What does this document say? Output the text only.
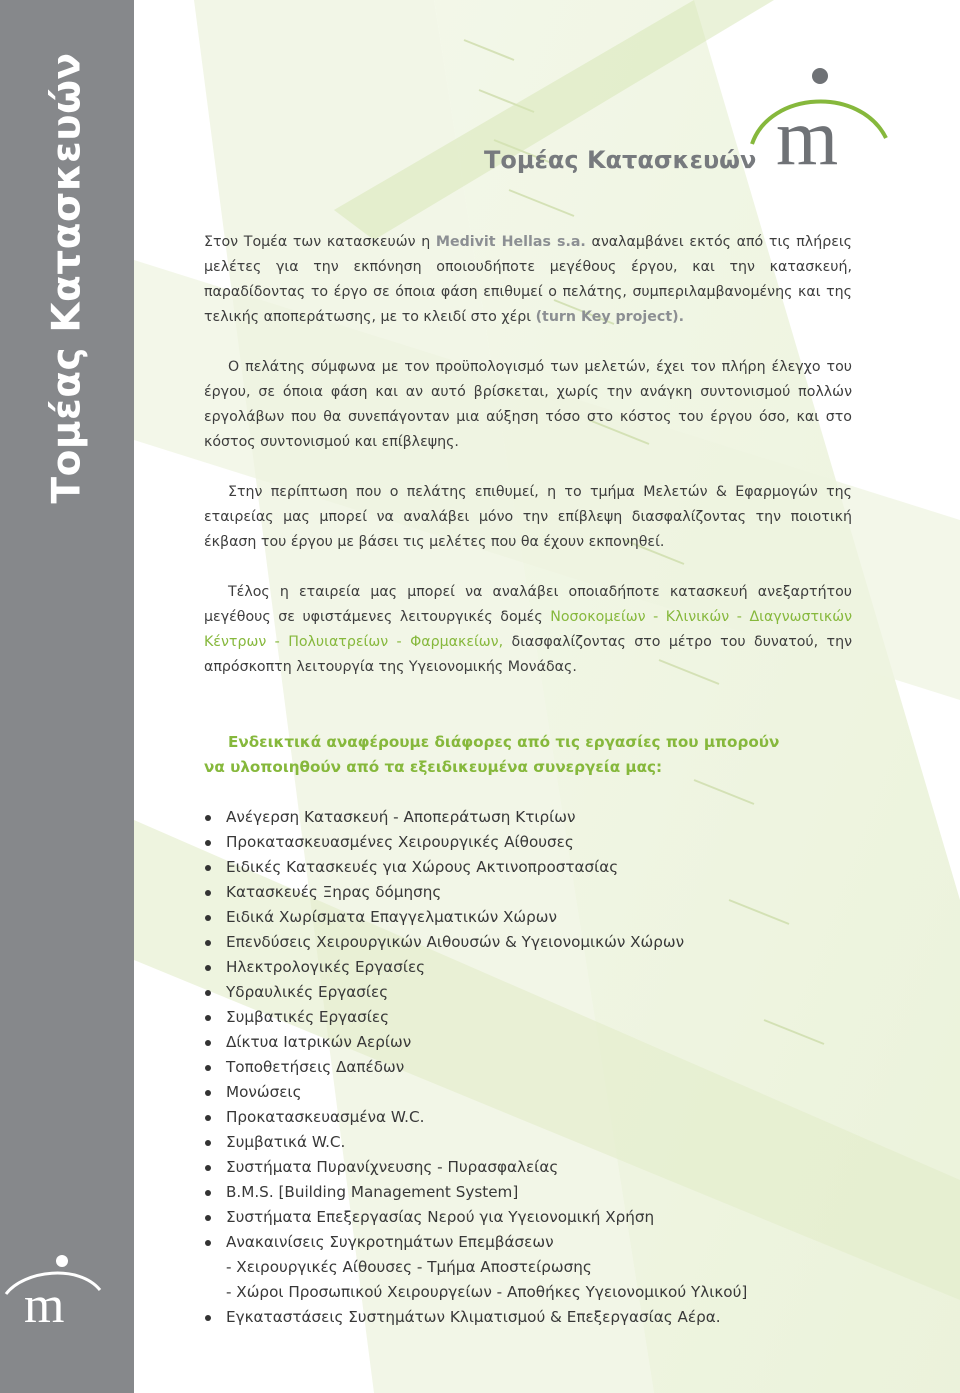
Τομέας Κατασκευών
m
m
Τομέας Κατασκευών

Στον Τομέα των κατασκευών η Medivit Hellas s.a. αναλαμβάνει εκτός από τις πλήρεις μελέτες για την εκπόνηση οποιουδήποτε μεγέθους έργου, και την κατασκευή, παραδίδοντας το έργο σε όποια φάση επιθυμεί ο πελάτης, συμπεριλαμβανομένης και της τελικής αποπεράτωσης, με το κλειδί στο χέρι (turn Key project).

Ο πελάτης σύμφωνα με τον προϋπολογισμό των μελετών, έχει τον πλήρη έλεγχο του έργου, σε όποια φάση και αν αυτό βρίσκεται, χωρίς την ανάγκη συντονισμού πολλών εργολάβων που θα συνεπάγονταν μια αύξηση τόσο στο κόστος του έργου όσο, και στο κόστος συντονισμού και επίβλεψης.

Στην περίπτωση που ο πελάτης επιθυμεί, η το τμήμα Μελετών & Εφαρμογών της εταιρείας μας μπορεί να αναλάβει μόνο την επίβλεψη διασφαλίζοντας την ποιοτική έκβαση του έργου με βάσει τις μελέτες που θα έχουν εκπονηθεί.

Τέλος η εταιρεία μας μπορεί να αναλάβει οποιαδήποτε κατασκευή ανεξαρτήτου μεγέθους σε υφιστάμενες λειτουργικές δομές Νοσοκομείων - Κλινικών - Διαγνωστικών Κέντρων - Πολυιατρείων - Φαρμακείων, διασφαλίζοντας στο μέτρο του δυνατού, την απρόσκοπτη λειτουργία της Υγειονομικής Μονάδας.

Ενδεικτικά αναφέρουμε διάφορες από τις εργασίες που μπορούν να υλοποιηθούν από τα εξειδικευμένα συνεργεία μας:

Ανέγερση Κατασκευή - Αποπεράτωση Κτιρίων
Προκατασκευασμένες Χειρουργικές Αίθουσες
Ειδικές Κατασκευές για Χώρους Ακτινοπροστασίας
Κατασκευές Ξηρας δόμησης
Ειδικά Χωρίσματα Επαγγελματικών Χώρων
Επενδύσεις Χειρουργικών Αιθουσών & Υγειονομικών Χώρων
Ηλεκτρολογικές Εργασίες
Υδραυλικές Εργασίες
Συμβατικές Εργασίες
Δίκτυα Ιατρικών Αερίων
Τοποθετήσεις Δαπέδων
Μονώσεις
Προκατασκευασμένα W.C.
Συμβατικά W.C.
Συστήματα Πυρανίχνευσης - Πυρασφαλείας
B.M.S. [Building Management System]
Συστήματα Επεξεργασίας Νερού για Υγειονομική Χρήση
Ανακαινίσεις Συγκροτημάτων Επεμβάσεων
- Χειρουργικές Αίθουσες - Τμήμα Αποστείρωσης
- Χώροι Προσωπικού Χειρουργείων - Αποθήκες Υγειονομικού Υλικού]
Εγκαταστάσεις Συστημάτων Κλιματισμού & Επεξεργασίας Αέρα.
